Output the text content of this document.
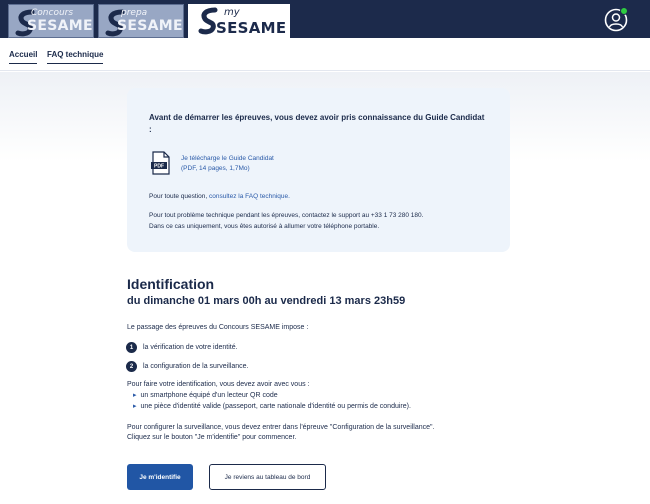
Concours
SESAME
prepa
SESAME
my
SESAME
Accueil FAQ technique
Avant de démarrer les épreuves, vous devez avoir pris connaissance du Guide Candidat :
PDF
Je télécharge le Guide Candidat
(PDF, 14 pages, 1,7Mo)
Pour toute question, consultez la FAQ technique.
Pour tout problème technique pendant les épreuves, contactez le support au +33 1 73 280 180.
Dans ce cas uniquement, vous êtes autorisé à allumer votre téléphone portable.
Identification
du dimanche 01 mars 00h au vendredi 13 mars 23h59
Le passage des épreuves du Concours SESAME impose :
1	la vérification de votre identité.
2	la configuration de la surveillance.
Pour faire votre identification, vous devez avoir avec vous :
▸ un smartphone équipé d'un lecteur QR code
▸ une pièce d'identité valide (passeport, carte nationale d'identité ou permis de conduire).
Pour configurer la surveillance, vous devez entrer dans l'épreuve "Configuration de la surveillance".
Cliquez sur le bouton "Je m'identifie" pour commencer.
Je m'identifie	Je reviens au tableau de bord
